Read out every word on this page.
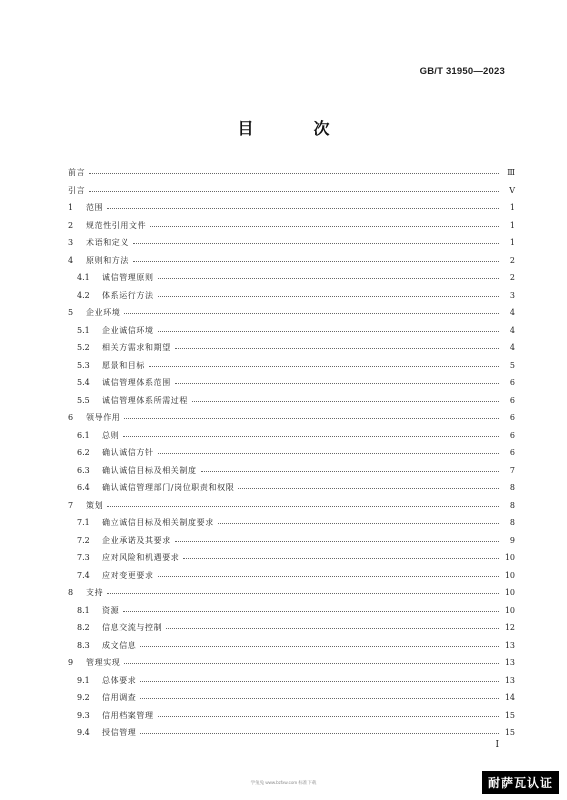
GB/T 31950—2023
目　次
前言	Ⅲ
引言	Ⅴ
1	范围	1
2	规范性引用文件	1
3	术语和定义	1
4	原则和方法	2
4.1	诚信管理原则	2
4.2	体系运行方法	3
5	企业环境	4
5.1	企业诚信环境	4
5.2	相关方需求和期望	4
5.3	愿景和目标	5
5.4	诚信管理体系范围	6
5.5	诚信管理体系所需过程	6
6	领导作用	6
6.1	总则	6
6.2	确认诚信方针	6
6.3	确认诚信目标及相关制度	7
6.4	确认诚信管理部门/岗位职责和权限	8
7	策划	8
7.1	确立诚信目标及相关制度要求	8
7.2	企业承诺及其要求	9
7.3	应对风险和机遇要求	10
7.4	应对变更要求	10
8	支持	10
8.1	资源	10
8.2	信息交流与控制	12
8.3	成文信息	13
9	管理实现	13
9.1	总体要求	13
9.2	信用调查	14
9.3	信用档案管理	15
9.4	授信管理	15
Ⅰ
学兔兔 www.bzfxw.com 标准下载	耐萨瓦认证
